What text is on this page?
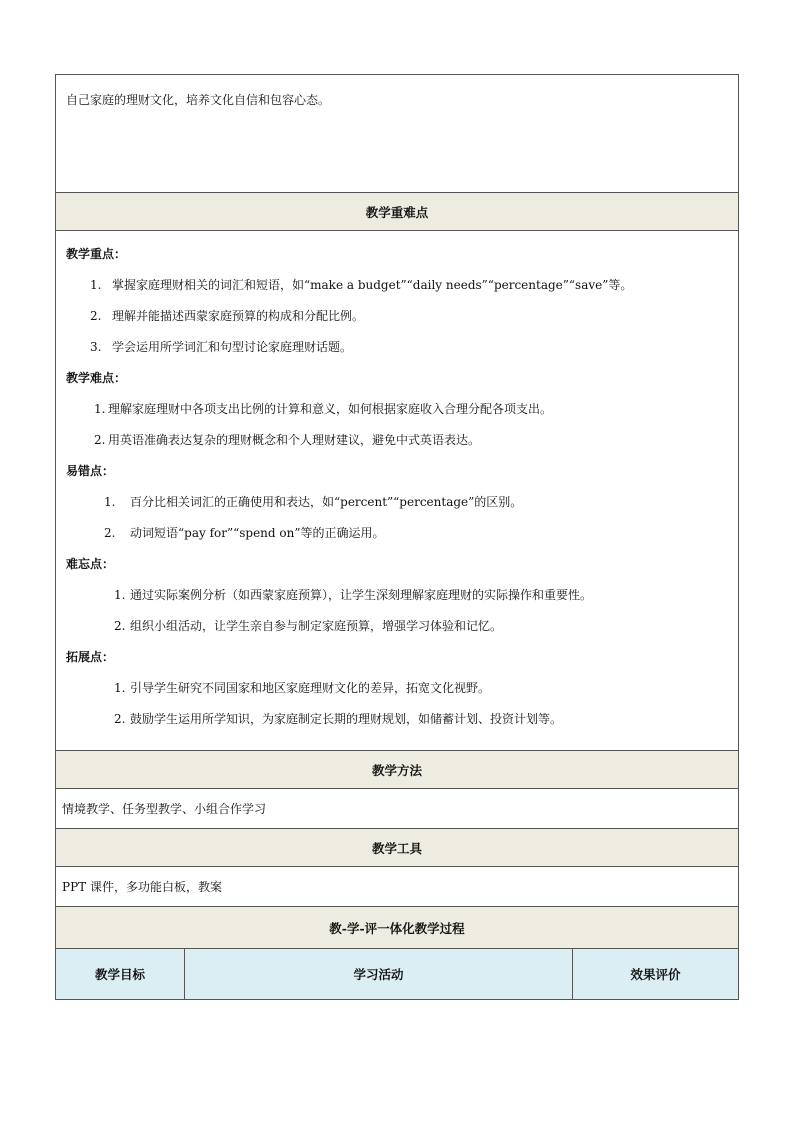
自己家庭的理财文化，培养文化自信和包容心态。

教学重难点

教学重点：
1. 掌握家庭理财相关的词汇和短语，如“make a budget”“daily needs”“percentage”“save”等。
2. 理解并能描述西蒙家庭预算的构成和分配比例。
3. 学会运用所学词汇和句型讨论家庭理财话题。
教学难点：
1. 理解家庭理财中各项支出比例的计算和意义，如何根据家庭收入合理分配各项支出。
2. 用英语准确表达复杂的理财概念和个人理财建议，避免中式英语表达。
易错点：
1.	百分比相关词汇的正确使用和表达，如“percent”“percentage”的区别。
2.	动词短语“pay for”“spend on”等的正确运用。
难忘点：
1. 通过实际案例分析（如西蒙家庭预算），让学生深刻理解家庭理财的实际操作和重要性。
2. 组织小组活动，让学生亲自参与制定家庭预算，增强学习体验和记忆。
拓展点：
1. 引导学生研究不同国家和地区家庭理财文化的差异，拓宽文化视野。
2. 鼓励学生运用所学知识，为家庭制定长期的理财规划，如储蓄计划、投资计划等。

教学方法

情境教学、任务型教学、小组合作学习

教学工具

PPT 课件，多功能白板，教案

教-学-评一体化教学过程
教学目标	学习活动	效果评价
